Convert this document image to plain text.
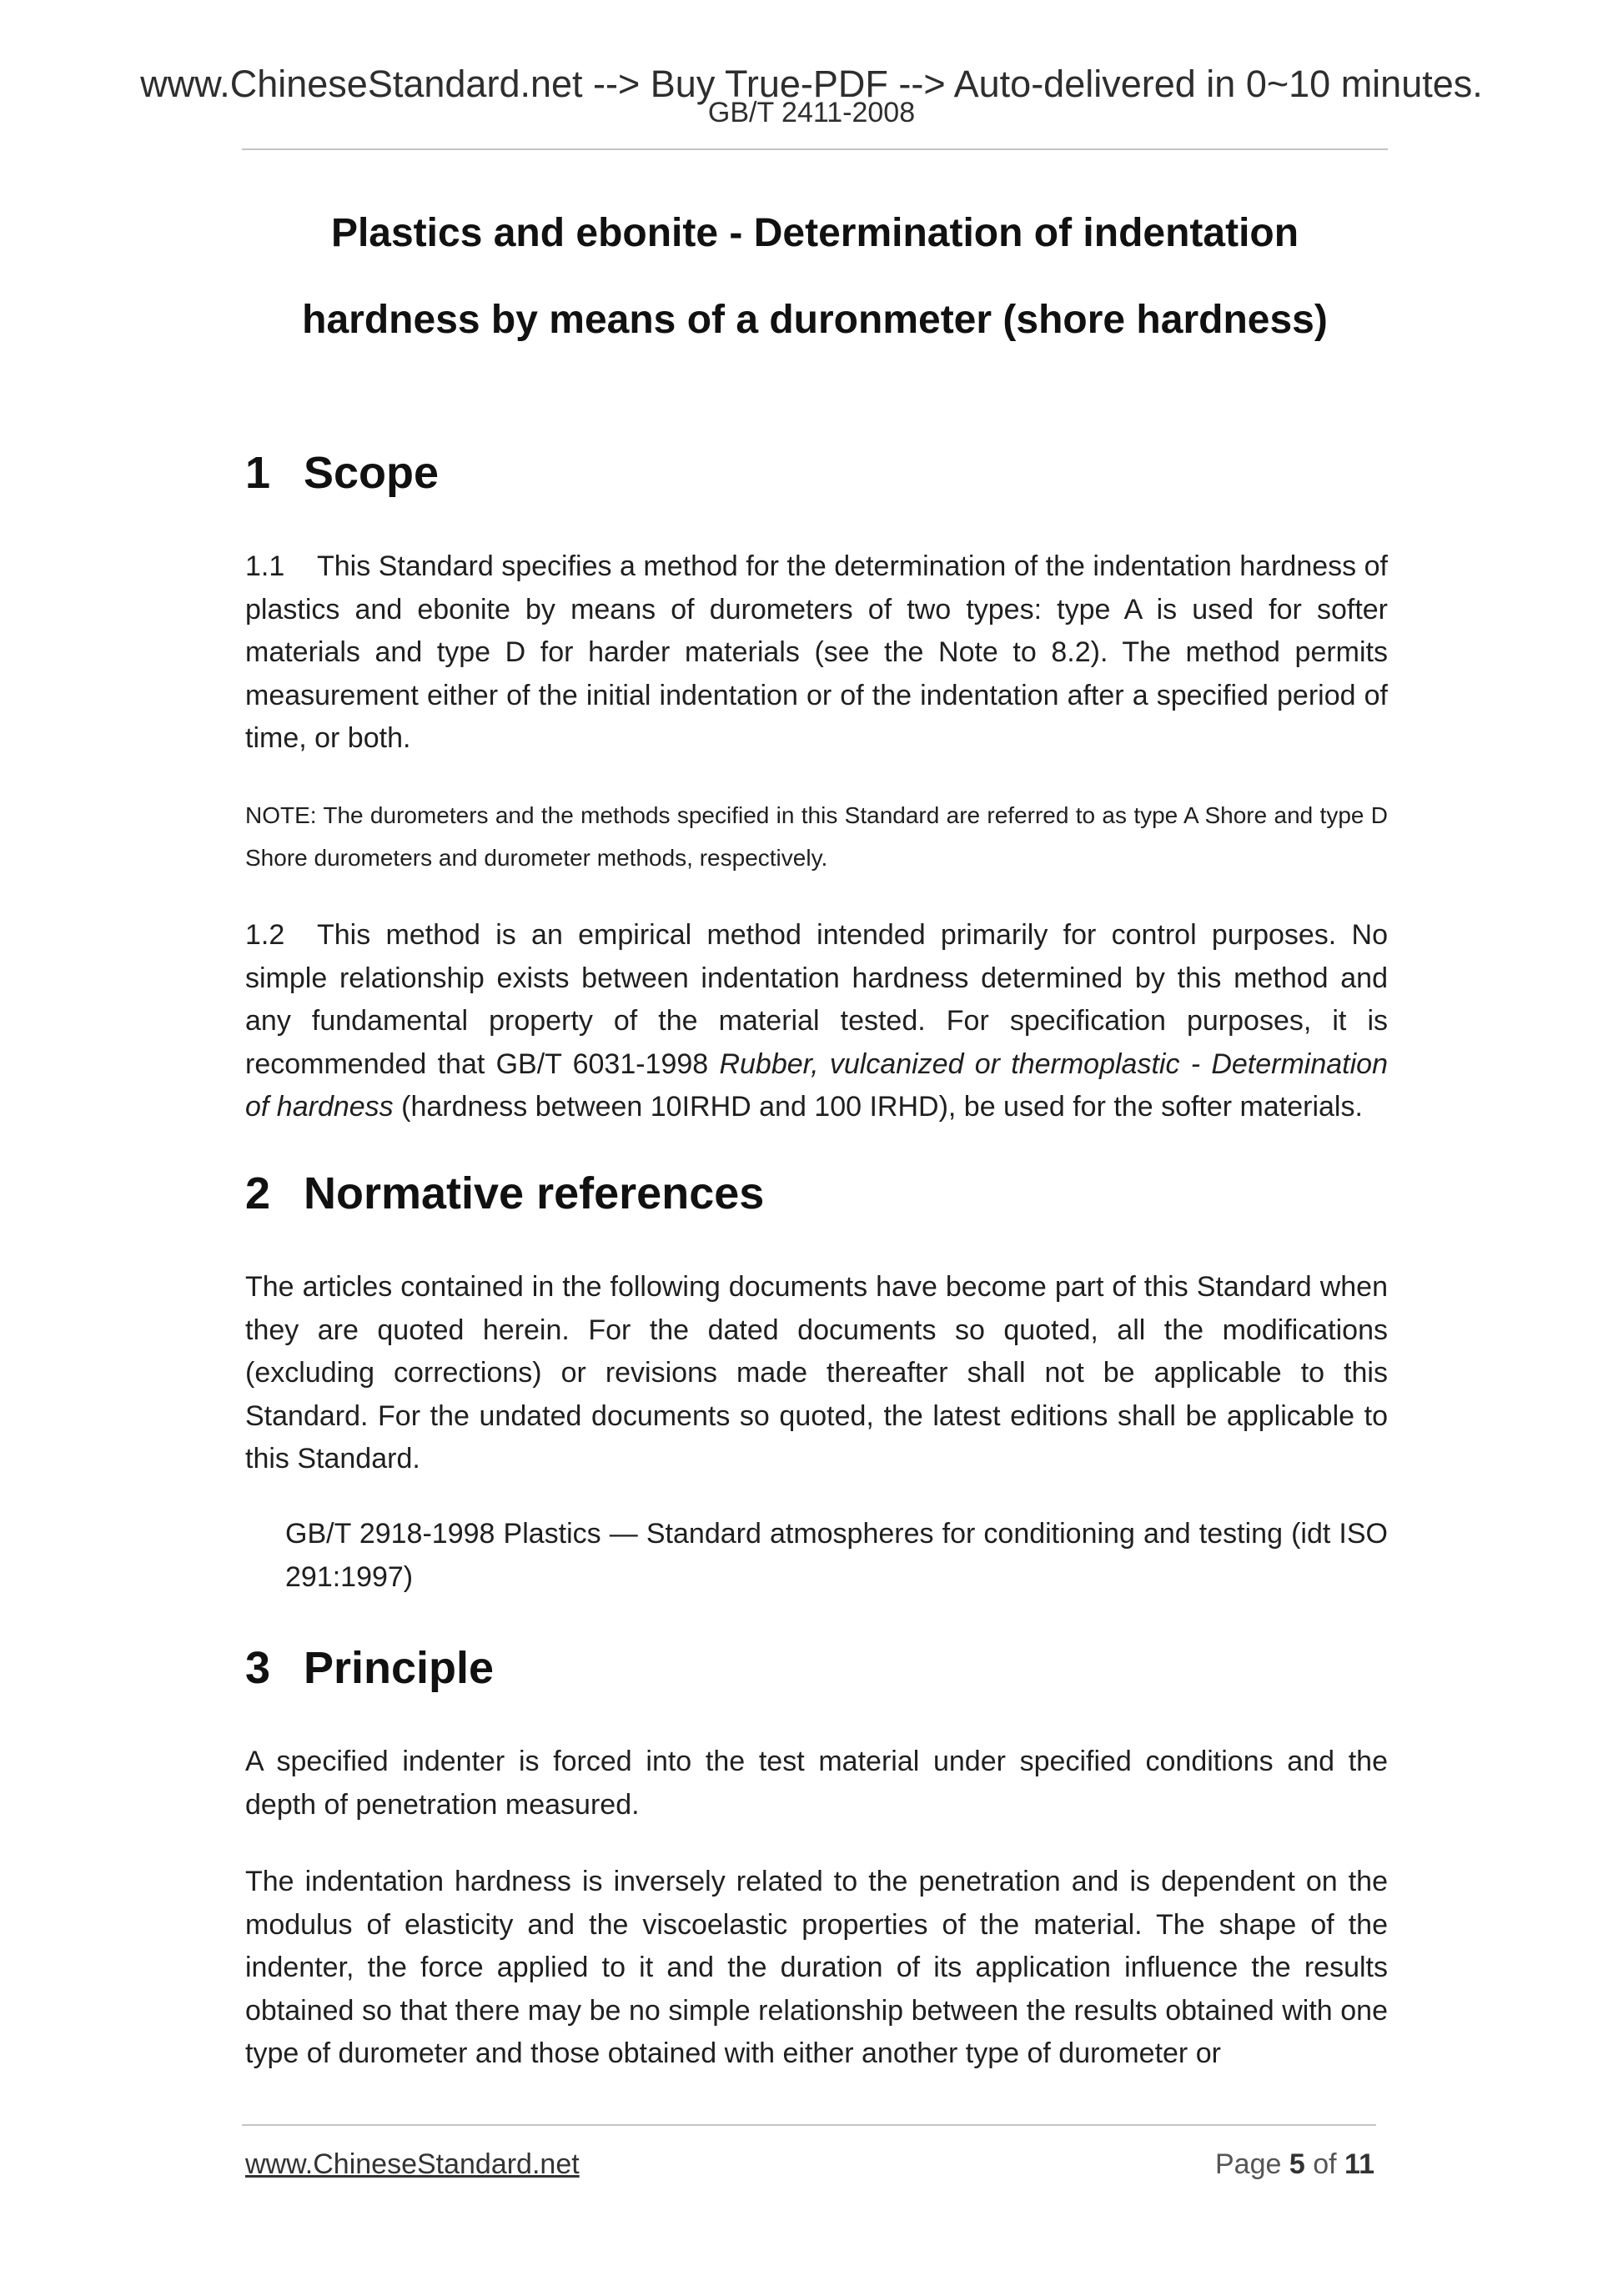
www.ChineseStandard.net --> Buy True-PDF --> Auto-delivered in 0~10 minutes.
GB/T 2411-2008
Plastics and ebonite - Determination of indentation
hardness by means of a duronmeter (shore hardness)
1 Scope
1.1 This Standard specifies a method for the determination of the indentation hardness of plastics and ebonite by means of durometers of two types: type A is used for softer materials and type D for harder materials (see the Note to 8.2). The method permits measurement either of the initial indentation or of the indentation after a specified period of time, or both.
NOTE: The durometers and the methods specified in this Standard are referred to as type A Shore and type D Shore durometers and durometer methods, respectively.
1.2 This method is an empirical method intended primarily for control purposes. No simple relationship exists between indentation hardness determined by this method and any fundamental property of the material tested. For specification purposes, it is recommended that GB/T 6031-1998 Rubber, vulcanized or thermoplastic - Determination of hardness (hardness between 10IRHD and 100 IRHD), be used for the softer materials.
2 Normative references
The articles contained in the following documents have become part of this Standard when they are quoted herein. For the dated documents so quoted, all the modifications (excluding corrections) or revisions made thereafter shall not be applicable to this Standard. For the undated documents so quoted, the latest editions shall be applicable to this Standard.
GB/T 2918-1998 Plastics — Standard atmospheres for conditioning and testing (idt ISO 291:1997)
3 Principle
A specified indenter is forced into the test material under specified conditions and the depth of penetration measured.
The indentation hardness is inversely related to the penetration and is dependent on the modulus of elasticity and the viscoelastic properties of the material. The shape of the indenter, the force applied to it and the duration of its application influence the results obtained so that there may be no simple relationship between the results obtained with one type of durometer and those obtained with either another type of durometer or
www.ChineseStandard.net	Page 5 of 11
